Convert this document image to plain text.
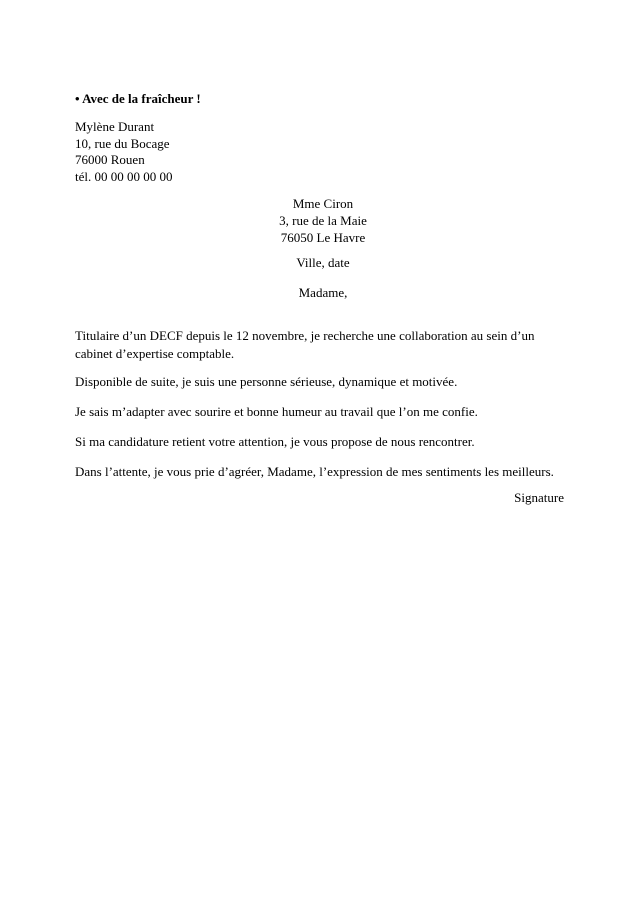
• Avec de la fraîcheur !
Mylène Durant
10, rue du Bocage
76000 Rouen
tél. 00 00 00 00 00
Mme Ciron
3, rue de la Maie
76050 Le Havre
Ville, date
Madame,
Titulaire d’un DECF depuis le 12 novembre, je recherche une collaboration au sein d’un cabinet d’expertise comptable.
Disponible de suite, je suis une personne sérieuse, dynamique et motivée.
Je sais m’adapter avec sourire et bonne humeur au travail que l’on me confie.
Si ma candidature retient votre attention, je vous propose de nous rencontrer.
Dans l’attente, je vous prie d’agréer, Madame, l’expression de mes sentiments les meilleurs.
Signature
